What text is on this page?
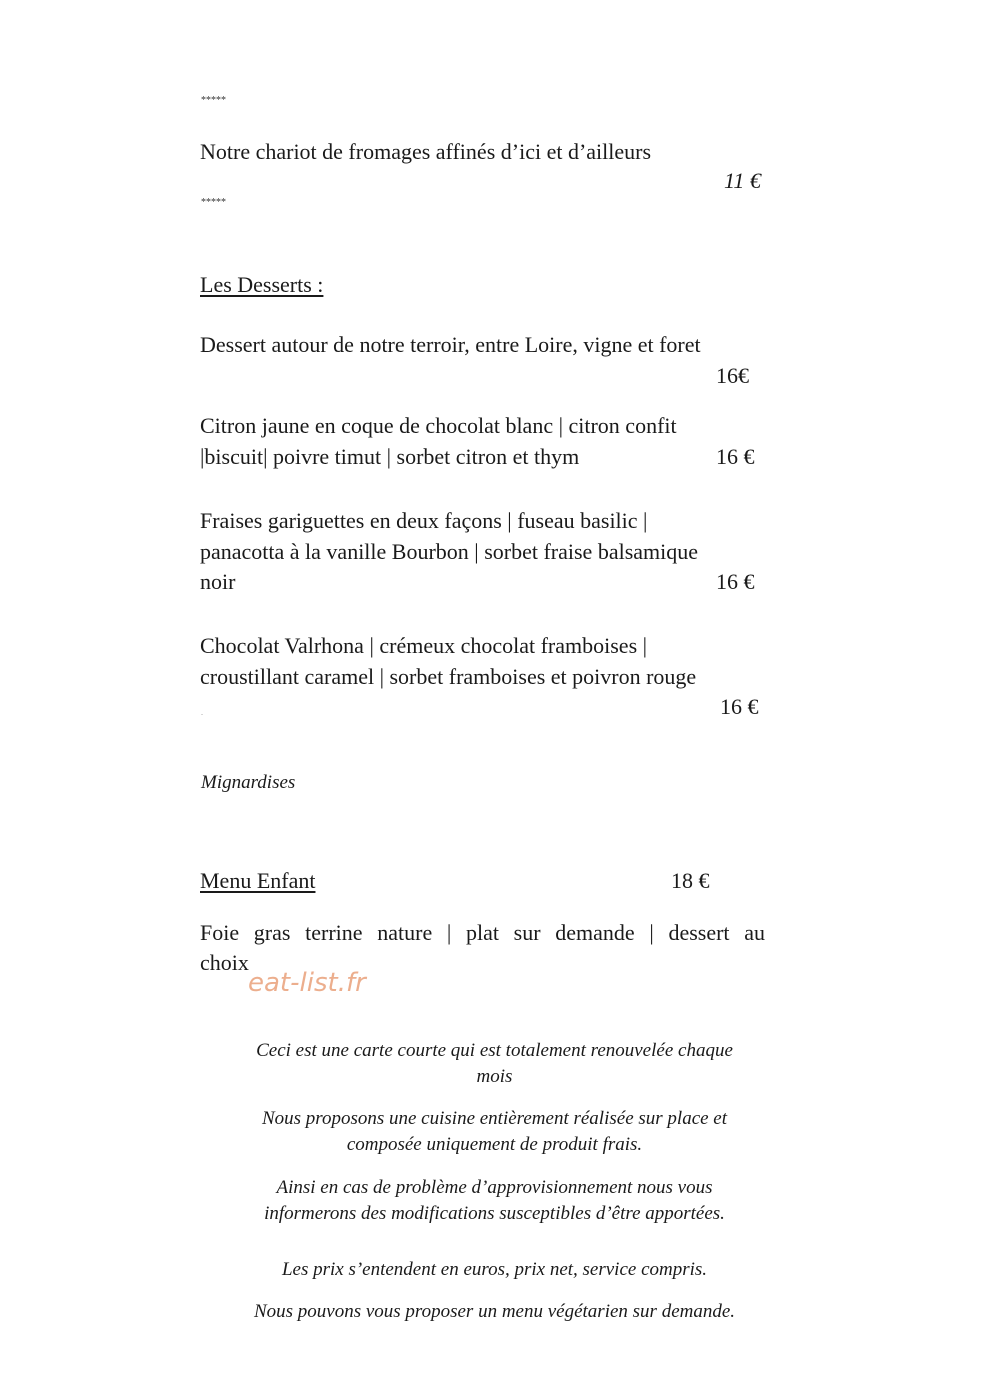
*****
Notre chariot de fromages affinés d’ici et d’ailleurs
11 €
*****
Les Desserts :
Dessert autour de notre terroir, entre Loire, vigne et foret
16€
Citron jaune en coque de chocolat blanc | citron confit
|biscuit| poivre timut | sorbet citron et thym	16 €
Fraises gariguettes en deux façons | fuseau basilic |
panacotta à la vanille Bourbon | sorbet fraise balsamique
noir	16 €
Chocolat Valrhona | crémeux chocolat framboises |
croustillant caramel | sorbet framboises et poivron rouge
.	16 €
Mignardises
Menu Enfant	18 €
Foie gras terrine nature | plat sur demande | dessert au
choix
eat-list.fr
Ceci est une carte courte qui est totalement renouvelée chaque
mois
Nous proposons une cuisine entièrement réalisée sur place et
composée uniquement de produit frais.
Ainsi en cas de problème d’approvisionnement nous vous
informerons des modifications susceptibles d’être apportées.
Les prix s’entendent en euros, prix net, service compris.
Nous pouvons vous proposer un menu végétarien sur demande.
